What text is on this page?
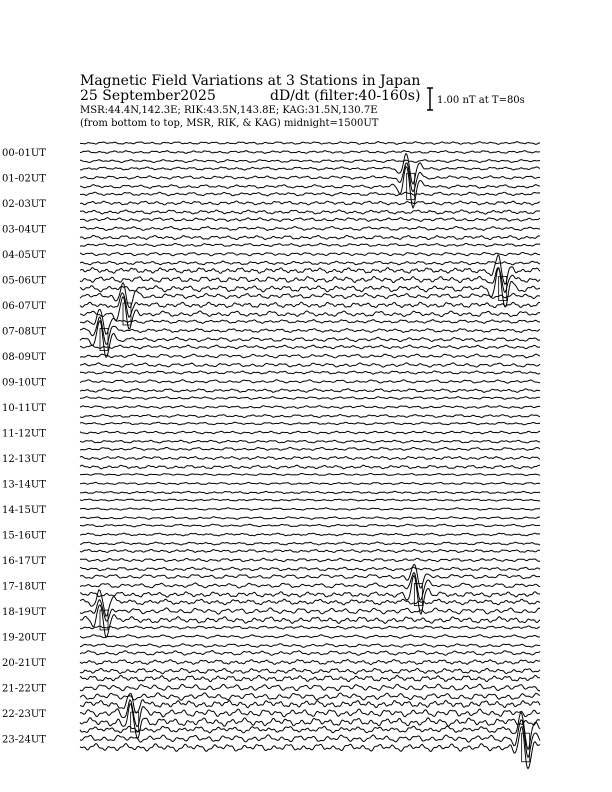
Magnetic Field Variations at 3 Stations in Japan
25 September2025	dD/dt (filter:40-160s)
MSR:44.4N,142.3E; RIK:43.5N,143.8E; KAG:31.5N,130.7E
(from bottom to top, MSR, RIK, & KAG) midnight=1500UT
1.00 nT at T=80s
00-01UT
01-02UT
02-03UT
03-04UT
04-05UT
05-06UT
06-07UT
07-08UT
08-09UT
09-10UT
10-11UT
11-12UT
12-13UT
13-14UT
14-15UT
15-16UT
16-17UT
17-18UT
18-19UT
19-20UT
20-21UT
21-22UT
22-23UT
23-24UT
